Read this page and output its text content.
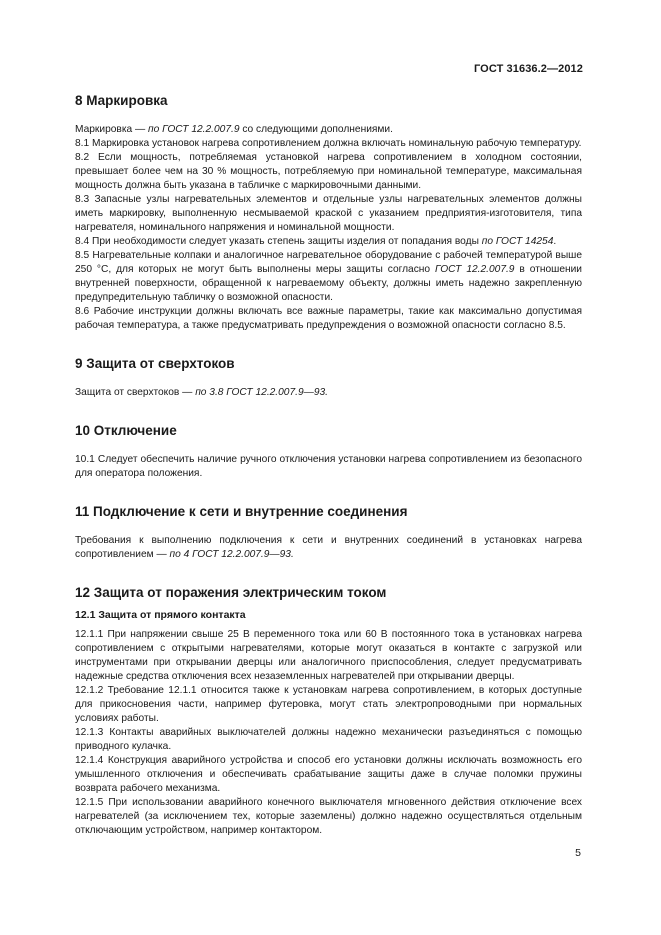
ГОСТ 31636.2—2012
8 Маркировка

Маркировка — по ГОСТ 12.2.007.9 со следующими дополнениями.

8.1 Маркировка установок нагрева сопротивлением должна включать номинальную рабочую температуру.

8.2 Если мощность, потребляемая установкой нагрева сопротивлением в холодном состоянии, превышает более чем на 30 % мощность, потребляемую при номинальной температуре, максимальная мощность должна быть указана в табличке с маркировочными данными.

8.3 Запасные узлы нагревательных элементов и отдельные узлы нагревательных элементов должны иметь маркировку, выполненную несмываемой краской с указанием предприятия-изготовителя, типа нагревателя, номинального напряжения и номинальной мощности.

8.4 При необходимости следует указать степень защиты изделия от попадания воды по ГОСТ 14254.

8.5 Нагревательные колпаки и аналогичное нагревательное оборудование с рабочей температурой выше 250 °С, для которых не могут быть выполнены меры защиты согласно ГОСТ 12.2.007.9 в отношении внутренней поверхности, обращенной к нагреваемому объекту, должны иметь надежно закрепленную предупредительную табличку о возможной опасности.

8.6 Рабочие инструкции должны включать все важные параметры, такие как максимально допустимая рабочая температура, а также предусматривать предупреждения о возможной опасности согласно 8.5.

9 Защита от сверхтоков

Защита от сверхтоков — по 3.8 ГОСТ 12.2.007.9—93.

10 Отключение

10.1 Следует обеспечить наличие ручного отключения установки нагрева сопротивлением из безопасного для оператора положения.

11 Подключение к сети и внутренние соединения

Требования к выполнению подключения к сети и внутренних соединений в установках нагрева сопротивлением — по 4 ГОСТ 12.2.007.9—93.

12 Защита от поражения электрическим током
12.1 Защита от прямого контакта

12.1.1 При напряжении свыше 25 В переменного тока или 60 В постоянного тока в установках нагрева сопротивлением с открытыми нагревателями, которые могут оказаться в контакте с загрузкой или инструментами при открывании дверцы или аналогичного приспособления, следует предусматривать надежные средства отключения всех незаземленных нагревателей при открывании дверцы.

12.1.2 Требование 12.1.1 относится также к установкам нагрева сопротивлением, в которых доступные для прикосновения части, например футеровка, могут стать электропроводными при нормальных условиях работы.

12.1.3 Контакты аварийных выключателей должны надежно механически разъединяться с помощью приводного кулачка.

12.1.4 Конструкция аварийного устройства и способ его установки должны исключать возможность его умышленного отключения и обеспечивать срабатывание защиты даже в случае поломки пружины возврата рабочего механизма.

12.1.5 При использовании аварийного конечного выключателя мгновенного действия отключение всех нагревателей (за исключением тех, которые заземлены) должно надежно осуществляться отдельным отключающим устройством, например контактором.

5
